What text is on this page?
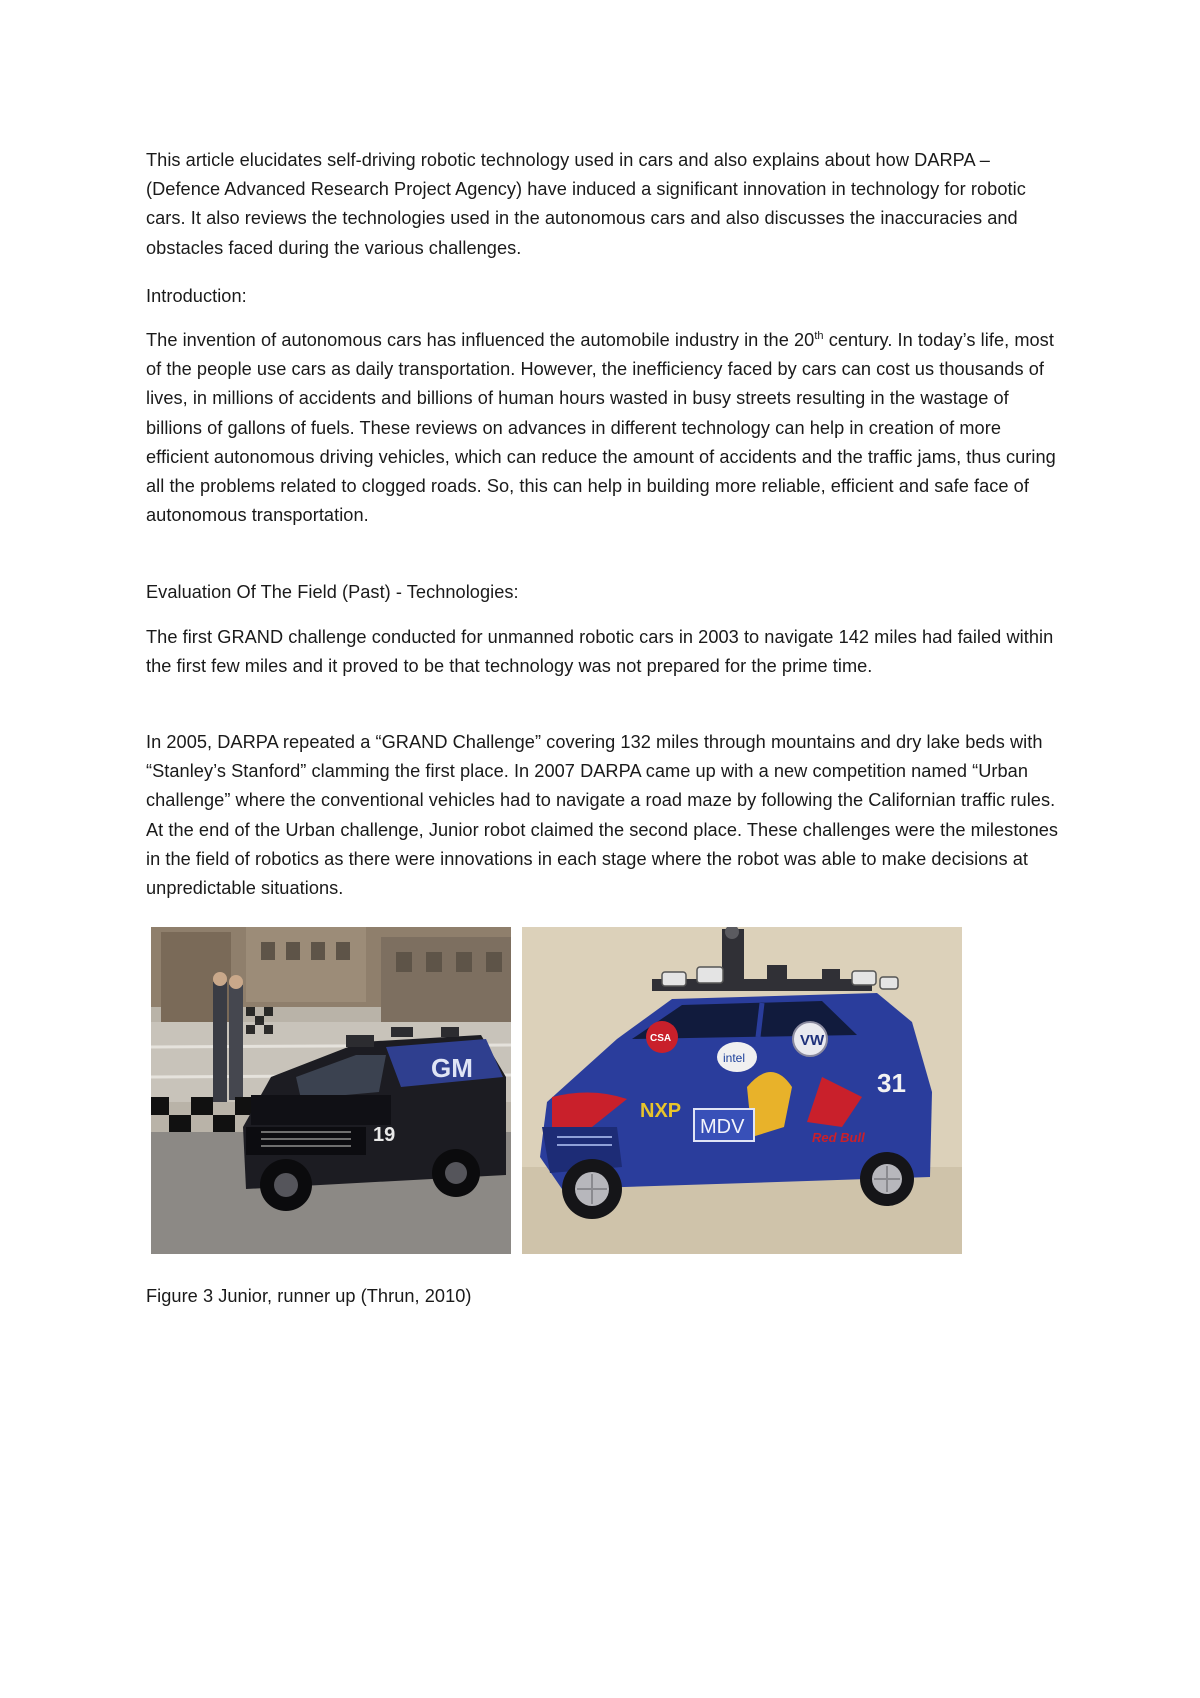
This article elucidates self-driving robotic technology used in cars and also explains about how DARPA – (Defence Advanced Research Project Agency) have induced a significant innovation in technology for robotic cars. It also reviews the technologies used in the autonomous cars and also discusses the inaccuracies and obstacles faced during the various challenges.

Introduction:

The invention of autonomous cars has influenced the automobile industry in the 20th century. In today’s life, most of the people use cars as daily transportation. However, the inefficiency faced by cars can cost us thousands of lives, in millions of accidents and billions of human hours wasted in busy streets resulting in the wastage of billions of gallons of fuels. These reviews on advances in different technology can help in creation of more efficient autonomous driving vehicles, which can reduce the amount of accidents and the traffic jams, thus curing all the problems related to clogged roads. So, this can help in building more reliable, efficient and safe face of autonomous transportation.

Evaluation Of The Field (Past) - Technologies:

The first GRAND challenge conducted for unmanned robotic cars in 2003 to navigate 142 miles had failed within the first few miles and it proved to be that technology was not prepared for the prime time.

In 2005, DARPA repeated a “GRAND Challenge” covering 132 miles through mountains and dry lake beds with “Stanley’s Stanford” clamming the first place. In 2007 DARPA came up with a new competition named “Urban challenge” where the conventional vehicles had to navigate a road maze by following the Californian traffic rules. At the end of the Urban challenge, Junior robot claimed the second place. These challenges were the milestones in the field of robotics as there were innovations in each stage where the robot was able to make decisions at unpredictable situations.

GM
19
CSA
intel
VW
31
Red Bull
MDV
NXP

Figure 3 Junior, runner up (Thrun, 2010)
